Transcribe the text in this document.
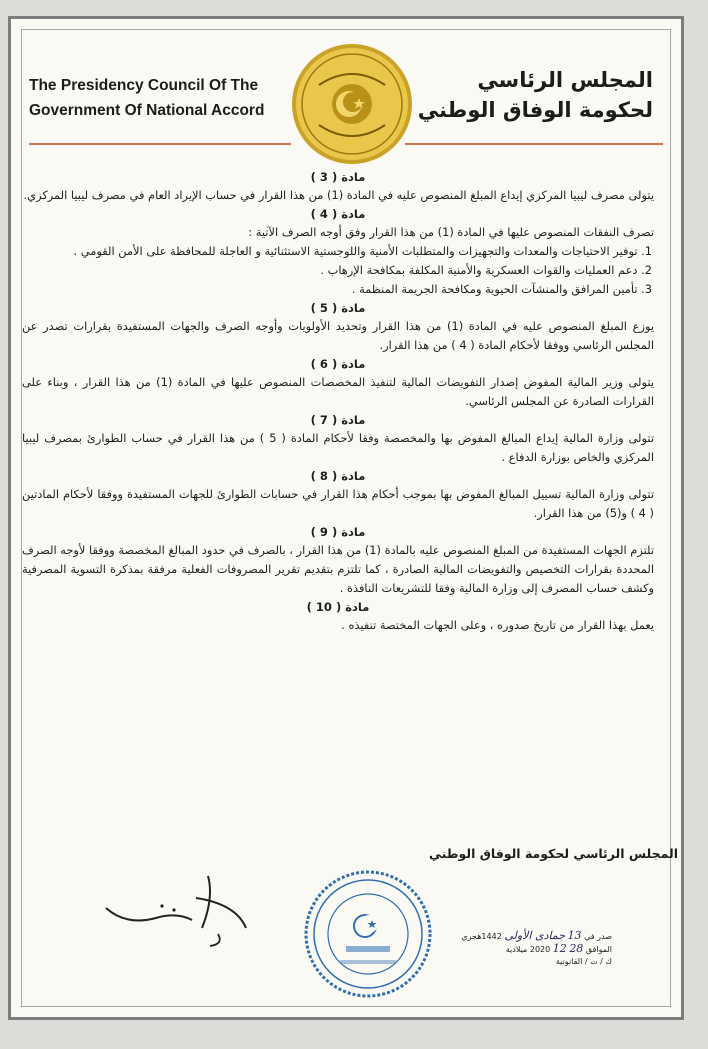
The Presidency Council Of The
Government Of National Accord
المجلس الرئاسي
لحكومة الوفاق الوطني

مادة ( 3 )

يتولى مصرف ليبيا المركزي إيداع المبلغ المنصوص عليه في المادة (1) من هذا القرار في حساب الإيراد العام في مصرف ليبيا المركزي.

مادة ( 4 )

تصرف النفقات المنصوص عليها في المادة (1) من هذا القرار وفق أوجه الصرف الآتية :

1. توفير الاحتياجات والمعدات والتجهيزات والمتطلبات الأمنية واللوجستية الاستثنائية و العاجلة للمحافظة على الأمن القومي .

2. دعم العمليات والقوات العسكرية والأمنية المكلفة بمكافحة الإرهاب .

3. تأمين المرافق والمنشآت الحيوية ومكافحة الجريمة المنظمة .

مادة ( 5 )

يوزع المبلغ المنصوص عليه في المادة (1) من هذا القرار وتحديد الأولويات وأوجه الصرف والجهات المستفيدة بقرارات تصدر عن المجلس الرئاسي ووفقا لأحكام المادة ( 4 ) من هذا القرار.

مادة ( 6 )

يتولى وزير المالية المفوض إصدار التفويضات المالية لتنفيذ المخصصات المنصوص عليها في المادة (1) من هذا القرار ، وبناء على القرارات الصادرة عن المجلس الرئاسي.

مادة ( 7 )

تتولى وزارة المالية إيداع المبالغ المفوض بها والمخصصة وفقا لأحكام المادة ( 5 ) من هذا القرار في حساب الطوارئ بمصرف ليبيا المركزي والخاص بوزارة الدفاع .

مادة ( 8 )

تتولى وزارة المالية تسييل المبالغ المفوض بها بموجب أحكام هذا القرار في حسابات الطوارئ للجهات المستفيدة ووفقا لأحكام المادتين ( 4 ) و(5) من هذا القرار.

مادة ( 9 )

تلتزم الجهات المستفيدة من المبلغ المنصوص عليه بالمادة (1) من هذا القرار ، بالصرف في حدود المبالغ المخصصة ووفقا لأوجه الصرف المحددة بقرارات التخصيص والتفويضات المالية الصادرة ، كما تلتزم بتقديم تقرير المصروفات الفعلية مرفقة بمذكرة التسوية المصرفية وكشف حساب المصرف إلى وزارة المالية وفقا للتشريعات النافذة .

مادة ( 10 )

يعمل بهذا القرار من تاريخ صدوره ، وعلى الجهات المختصة تنفيذه .

المجلس الرئاسي لحكومة الوفاق الوطني
صدر في 13 جمادى الأولى 1442هجري
الموافق 28 12 2020 ميلادية
ك / ت / القانونية
